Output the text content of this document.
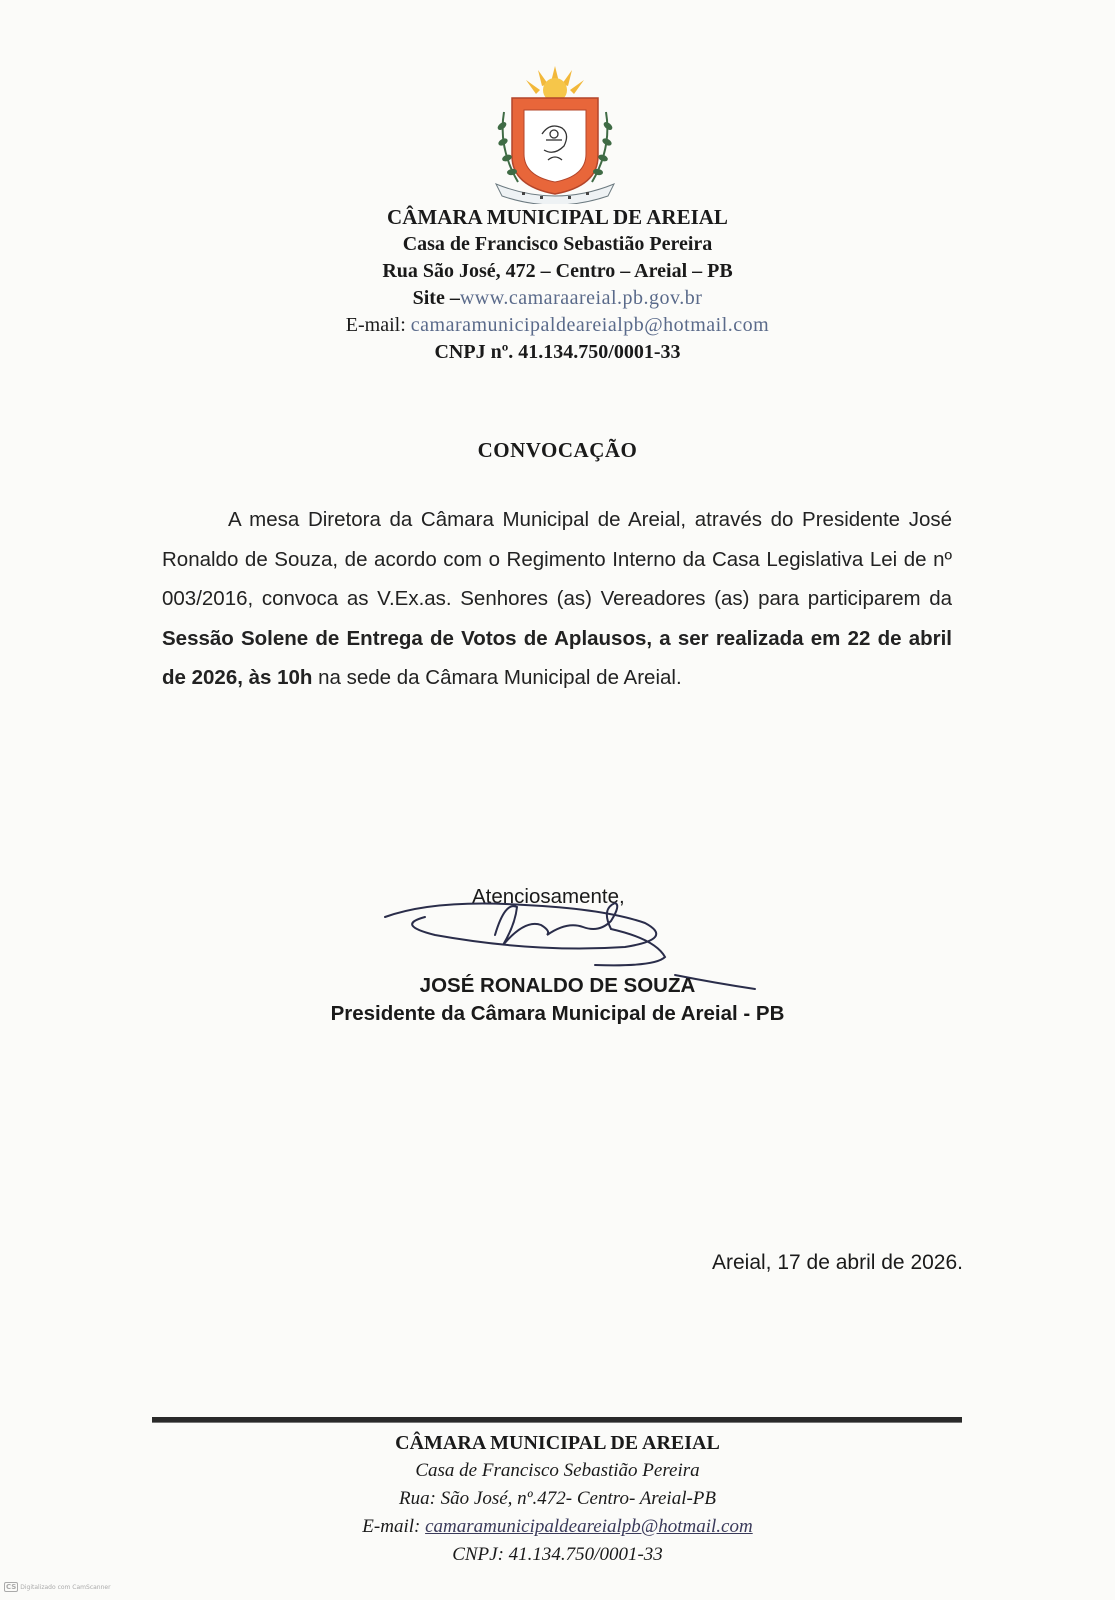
CÂMARA MUNICIPAL DE AREIAL
Casa de Francisco Sebastião Pereira
Rua São José, 472 – Centro – Areial – PB
Site –www.camaraareial.pb.gov.br
E-mail: camaramunicipaldeareialpb@hotmail.com
CNPJ nº. 41.134.750/0001-33
CONVOCAÇÃO
A mesa Diretora da Câmara Municipal de Areial, através do Presidente José Ronaldo de Souza, de acordo com o Regimento Interno da Casa Legislativa Lei de nº 003/2016, convoca as V.Ex.as. Senhores (as) Vereadores (as) para participarem da Sessão Solene de Entrega de Votos de Aplausos, a ser realizada em 22 de abril de 2026, às 10h na sede da Câmara Municipal de Areial.
Atenciosamente,
JOSÉ RONALDO DE SOUZA
Presidente da Câmara Municipal de Areial - PB
Areial, 17 de abril de 2026.
CÂMARA MUNICIPAL DE AREIAL
Casa de Francisco Sebastião Pereira
Rua: São José, nº.472- Centro- Areial-PB
E-mail: camaramunicipaldeareialpb@hotmail.com
CNPJ: 41.134.750/0001-33
CS Digitalizado com CamScanner
